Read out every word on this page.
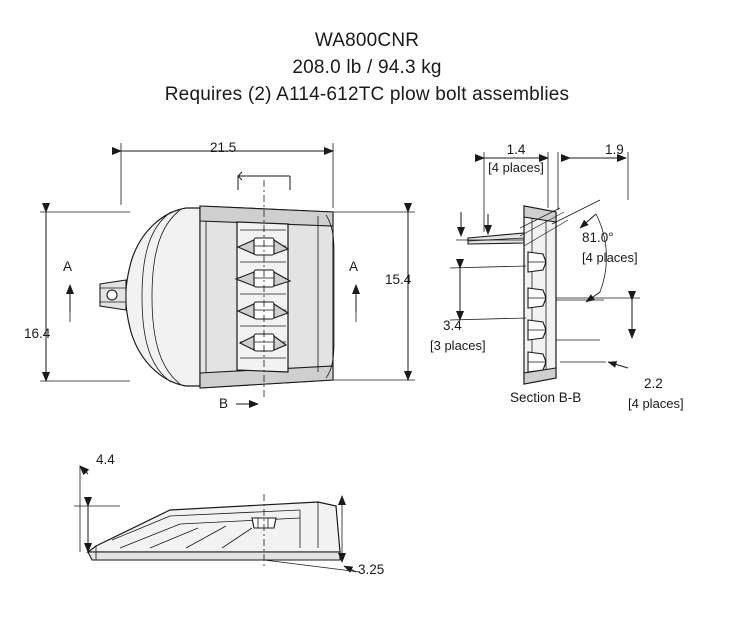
WA800CNR
208.0 lb / 94.3 kg
Requires (2) A114-612TC plow bolt assemblies
21.5
16.4
15.4
A	A
B
1.4
[4 places]
1.9
81.0°
[4 places]
3.4
[3 places]
2.2
[4 places]
Section B-B
4.4
3.25
